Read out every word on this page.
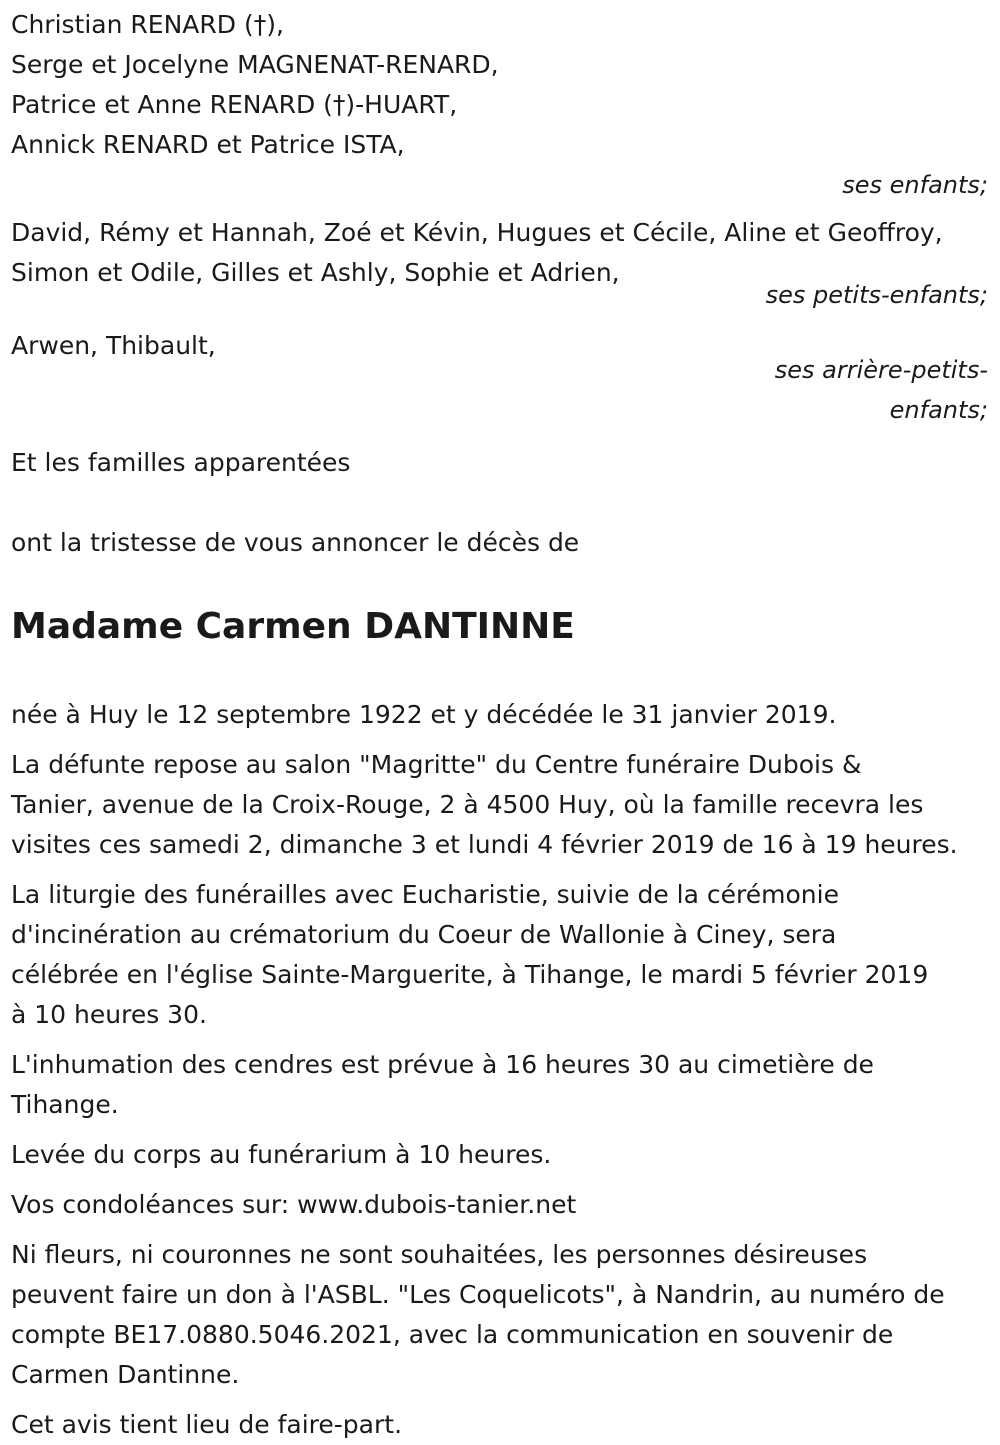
Christian RENARD (†),
Serge et Jocelyne MAGNENAT-RENARD,
Patrice et Anne RENARD (†)-HUART,
Annick RENARD et Patrice ISTA,
ses enfants;
David, Rémy et Hannah, Zoé et Kévin, Hugues et Cécile, Aline et Geoffroy,
Simon et Odile, Gilles et Ashly, Sophie et Adrien,
ses petits-enfants;
Arwen, Thibault,
ses arrière-petits-
enfants;
Et les familles apparentées
ont la tristesse de vous annoncer le décès de
Madame Carmen DANTINNE
née à Huy le 12 septembre 1922 et y décédée le 31 janvier 2019.
La défunte repose au salon "Magritte" du Centre funéraire Dubois &
Tanier, avenue de la Croix-Rouge, 2 à 4500 Huy, où la famille recevra les
visites ces samedi 2, dimanche 3 et lundi 4 février 2019 de 16 à 19 heures.
La liturgie des funérailles avec Eucharistie, suivie de la cérémonie
d'incinération au crématorium du Coeur de Wallonie à Ciney, sera
célébrée en l'église Sainte-Marguerite, à Tihange, le mardi 5 février 2019
à 10 heures 30.
L'inhumation des cendres est prévue à 16 heures 30 au cimetière de
Tihange.
Levée du corps au funérarium à 10 heures.
Vos condoléances sur: www.dubois-tanier.net
Ni fleurs, ni couronnes ne sont souhaitées, les personnes désireuses
peuvent faire un don à l'ASBL. "Les Coquelicots", à Nandrin, au numéro de
compte BE17.0880.5046.2021, avec la communication en souvenir de
Carmen Dantinne.
Cet avis tient lieu de faire-part.
